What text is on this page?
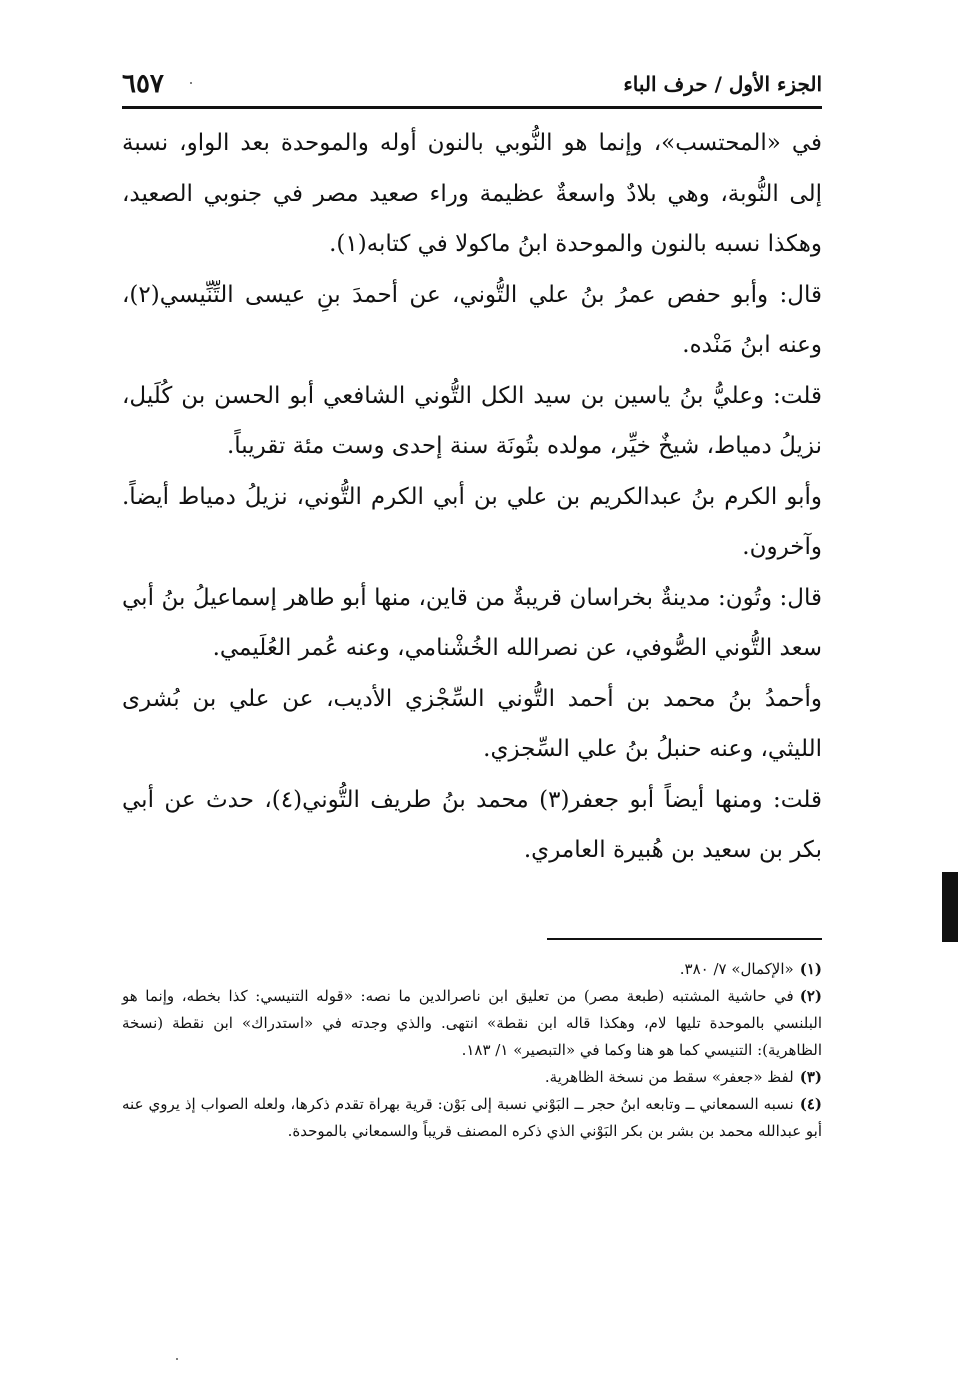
الجزء الأول / حرف الباء
٦٥٧

في «المحتسب»، وإنما هو النُّوبي بالنون أوله والموحدة بعد الواو، نسبة إلى النُّوبة، وهي بلادٌ واسعةٌ عظيمة وراء صعيد مصر في جنوبي الصعيد، وهكذا نسبه بالنون والموحدة ابنُ ماكولا في كتابه(١).

قال: وأبو حفص عمرُ بنُ علي التُّوني، عن أحمدَ بنِ عيسى التِّنِّيسي(٢)، وعنه ابنُ مَنْده.

قلت: وعليُّ بنُ ياسين بن سيد الكل التُّوني الشافعي أبو الحسن بن كُلَيل، نزيلُ دمياط، شيخٌ خيِّر، مولده بتُونَة سنة إحدى وست مئة تقريباً.

وأبو الكرم بنُ عبدالكريم بن علي بن أبي الكرم التُّوني، نزيلُ دمياط أيضاً. وآخرون.

قال: وتُون: مدينةٌ بخراسان قريبةٌ من قاين، منها أبو طاهر إسماعيلُ بنُ أبي سعد التُّوني الصُّوفي، عن نصرالله الخُشْنامي، وعنه عُمر العُلَيمي.

وأحمدُ بنُ محمد بن أحمد التُّوني السِّجْزي الأديب، عن علي بن بُشرى الليثي، وعنه حنبلُ بنُ علي السِّجزي.

قلت: ومنها أيضاً أبو جعفر(٣) محمد بنُ طريف التُّوني(٤)، حدث عن أبي بكر بن سعيد بن هُبيرة العامري.

(١)«الإكمال» ٧/ ٣٨٠.

(٢)في حاشية المشتبه (طبعة مصر) من تعليق ابن ناصرالدين ما نصه: «قوله التنيسي: كذا بخطه، وإنما هو البلنسي بالموحدة تليها لام، وهكذا قاله ابن نقطة» انتهى. والذي وجدته في «استدراك» ابن نقطة (نسخة الظاهرية): التنيسي كما هو هنا وكما في «التبصير» ١/ ١٨٣.

(٣)لفظ «جعفر» سقط من نسخة الظاهرية.

(٤)نسبه السمعاني ــ وتابعه ابنُ حجر ــ البَوْني نسبة إلى بَوْن: قرية بهراة تقدم ذكرها، ولعله الصواب إذ يروي عنه أبو عبدالله محمد بن بشر بن بكر البَوْني الذي ذكره المصنف قريباً والسمعاني بالموحدة.
